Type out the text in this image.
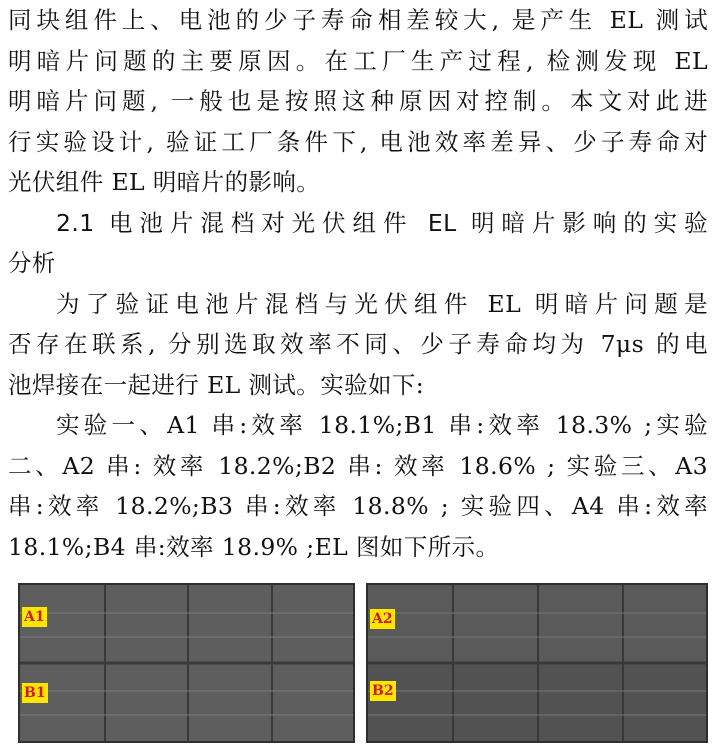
同块组件上、电池的少子寿命相差较大, 是产生 EL 测试
明暗片问题的主要原因。在工厂生产过程, 检测发现 EL
明暗片问题, 一般也是按照这种原因对控制。本文对此进
行实验设计, 验证工厂条件下, 电池效率差异、少子寿命对
光伏组件 EL 明暗片的影响。
2.1 电池片混档对光伏组件 EL 明暗片影响的实验
分析
为了验证电池片混档与光伏组件 EL 明暗片问题是
否存在联系, 分别选取效率不同、少子寿命均为 7μs 的电
池焊接在一起进行 EL 测试。实验如下:
实验一、A1 串:效率 18.1%;B1 串:效率 18.3% ;实验
二、A2 串: 效率 18.2%;B2 串: 效率 18.6% ; 实验三、A3
串:效率 18.2%;B3 串:效率 18.8% ; 实验四、A4 串:效率
18.1%;B4 串:效率 18.9% ;EL 图如下所示。
A1
B1
A2
B2
